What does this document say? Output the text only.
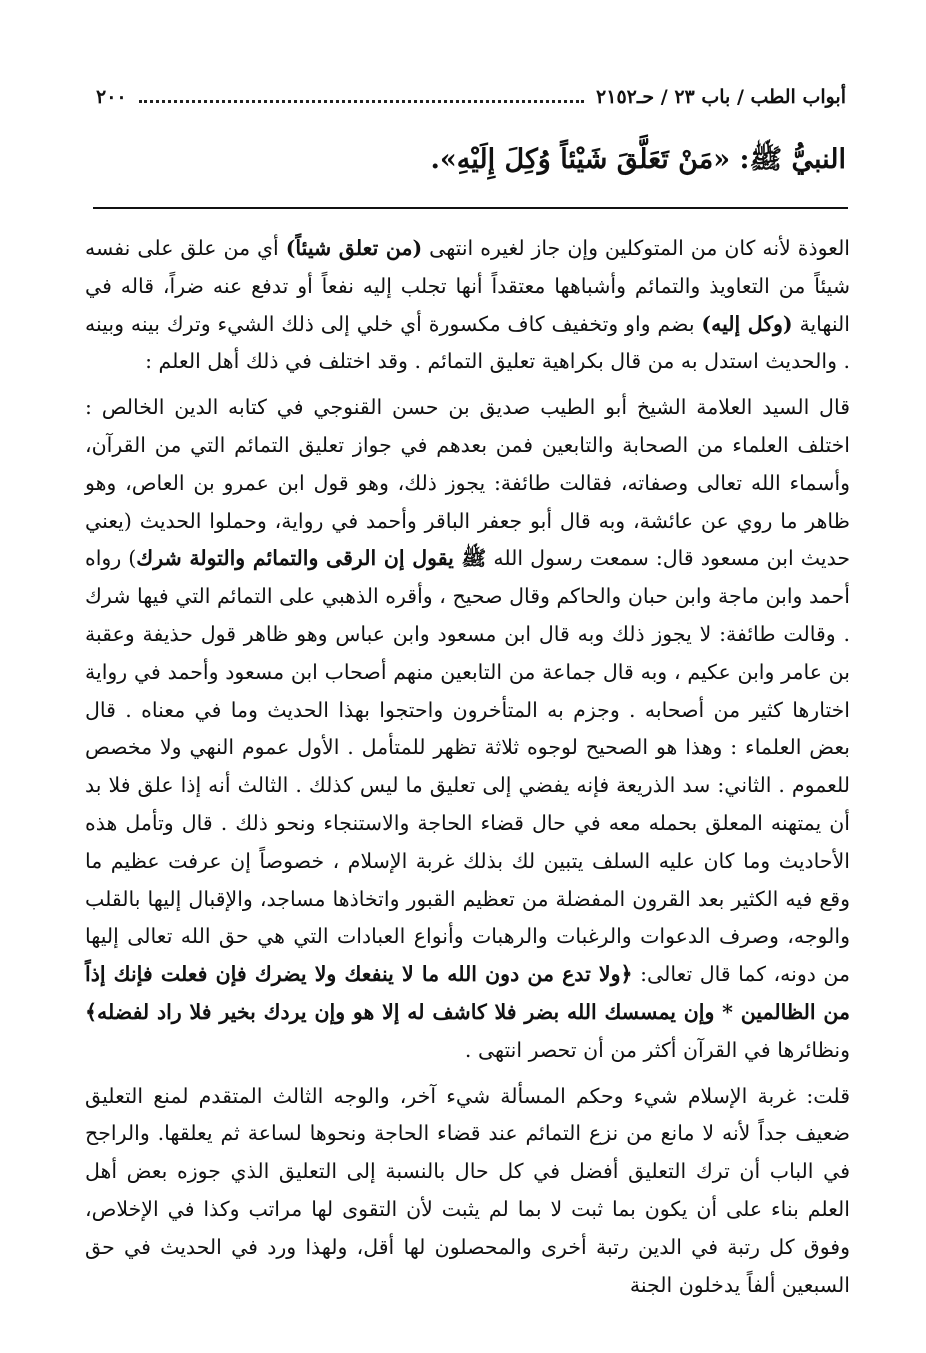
أبواب الطب / باب ٢٣ / حـ٢١٥٢
٢٠٠
النبيُّ ﷺ: «مَنْ تَعَلَّقَ شَيْئاً وُكِلَ إِلَيْهِ».

العوذة لأنه كان من المتوكلين وإن جاز لغيره انتهى (من تعلق شيئاً) أي من علق على نفسه شيئاً من التعاويذ والتمائم وأشباهها معتقداً أنها تجلب إليه نفعاً أو تدفع عنه ضراً، قاله في النهاية (وكل إليه) بضم واو وتخفيف كاف مكسورة أي خلي إلى ذلك الشيء وترك بينه وبينه . والحديث استدل به من قال بكراهية تعليق التمائم . وقد اختلف في ذلك أهل العلم :

قال السيد العلامة الشيخ أبو الطيب صديق بن حسن القنوجي في كتابه الدين الخالص : اختلف العلماء من الصحابة والتابعين فمن بعدهم في جواز تعليق التمائم التي من القرآن، وأسماء الله تعالى وصفاته، فقالت طائفة: يجوز ذلك، وهو قول ابن عمرو بن العاص، وهو ظاهر ما روي عن عائشة، وبه قال أبو جعفر الباقر وأحمد في رواية، وحملوا الحديث (يعني حديث ابن مسعود قال: سمعت رسول الله ﷺ يقول إن الرقى والتمائم والتولة شرك) رواه أحمد وابن ماجة وابن حبان والحاكم وقال صحيح ، وأقره الذهبي على التمائم التي فيها شرك . وقالت طائفة: لا يجوز ذلك وبه قال ابن مسعود وابن عباس وهو ظاهر قول حذيفة وعقبة بن عامر وابن عكيم ، وبه قال جماعة من التابعين منهم أصحاب ابن مسعود وأحمد في رواية اختارها كثير من أصحابه . وجزم به المتأخرون واحتجوا بهذا الحديث وما في معناه . قال بعض العلماء : وهذا هو الصحيح لوجوه ثلاثة تظهر للمتأمل . الأول عموم النهي ولا مخصص للعموم . الثاني: سد الذريعة فإنه يفضي إلى تعليق ما ليس كذلك . الثالث أنه إذا علق فلا بد أن يمتهنه المعلق بحمله معه في حال قضاء الحاجة والاستنجاء ونحو ذلك . قال وتأمل هذه الأحاديث وما كان عليه السلف يتبين لك بذلك غربة الإسلام ، خصوصاً إن عرفت عظيم ما وقع فيه الكثير بعد القرون المفضلة من تعظيم القبور واتخاذها مساجد، والإقبال إليها بالقلب والوجه، وصرف الدعوات والرغبات والرهبات وأنواع العبادات التي هي حق الله تعالى إليها من دونه، كما قال تعالى: ﴿ولا تدع من دون الله ما لا ينفعك ولا يضرك فإن فعلت فإنك إذاً من الظالمين * وإن يمسسك الله بضر فلا كاشف له إلا هو وإن يردك بخير فلا راد لفضله﴾ ونظائرها في القرآن أكثر من أن تحصر انتهى .

قلت: غربة الإسلام شيء وحكم المسألة شيء آخر، والوجه الثالث المتقدم لمنع التعليق ضعيف جداً لأنه لا مانع من نزع التمائم عند قضاء الحاجة ونحوها لساعة ثم يعلقها. والراجح في الباب أن ترك التعليق أفضل في كل حال بالنسبة إلى التعليق الذي جوزه بعض أهل العلم بناء على أن يكون بما ثبت لا بما لم يثبت لأن التقوى لها مراتب وكذا في الإخلاص، وفوق كل رتبة في الدين رتبة أخرى والمحصلون لها أقل، ولهذا ورد في الحديث في حق السبعين ألفاً يدخلون الجنة
